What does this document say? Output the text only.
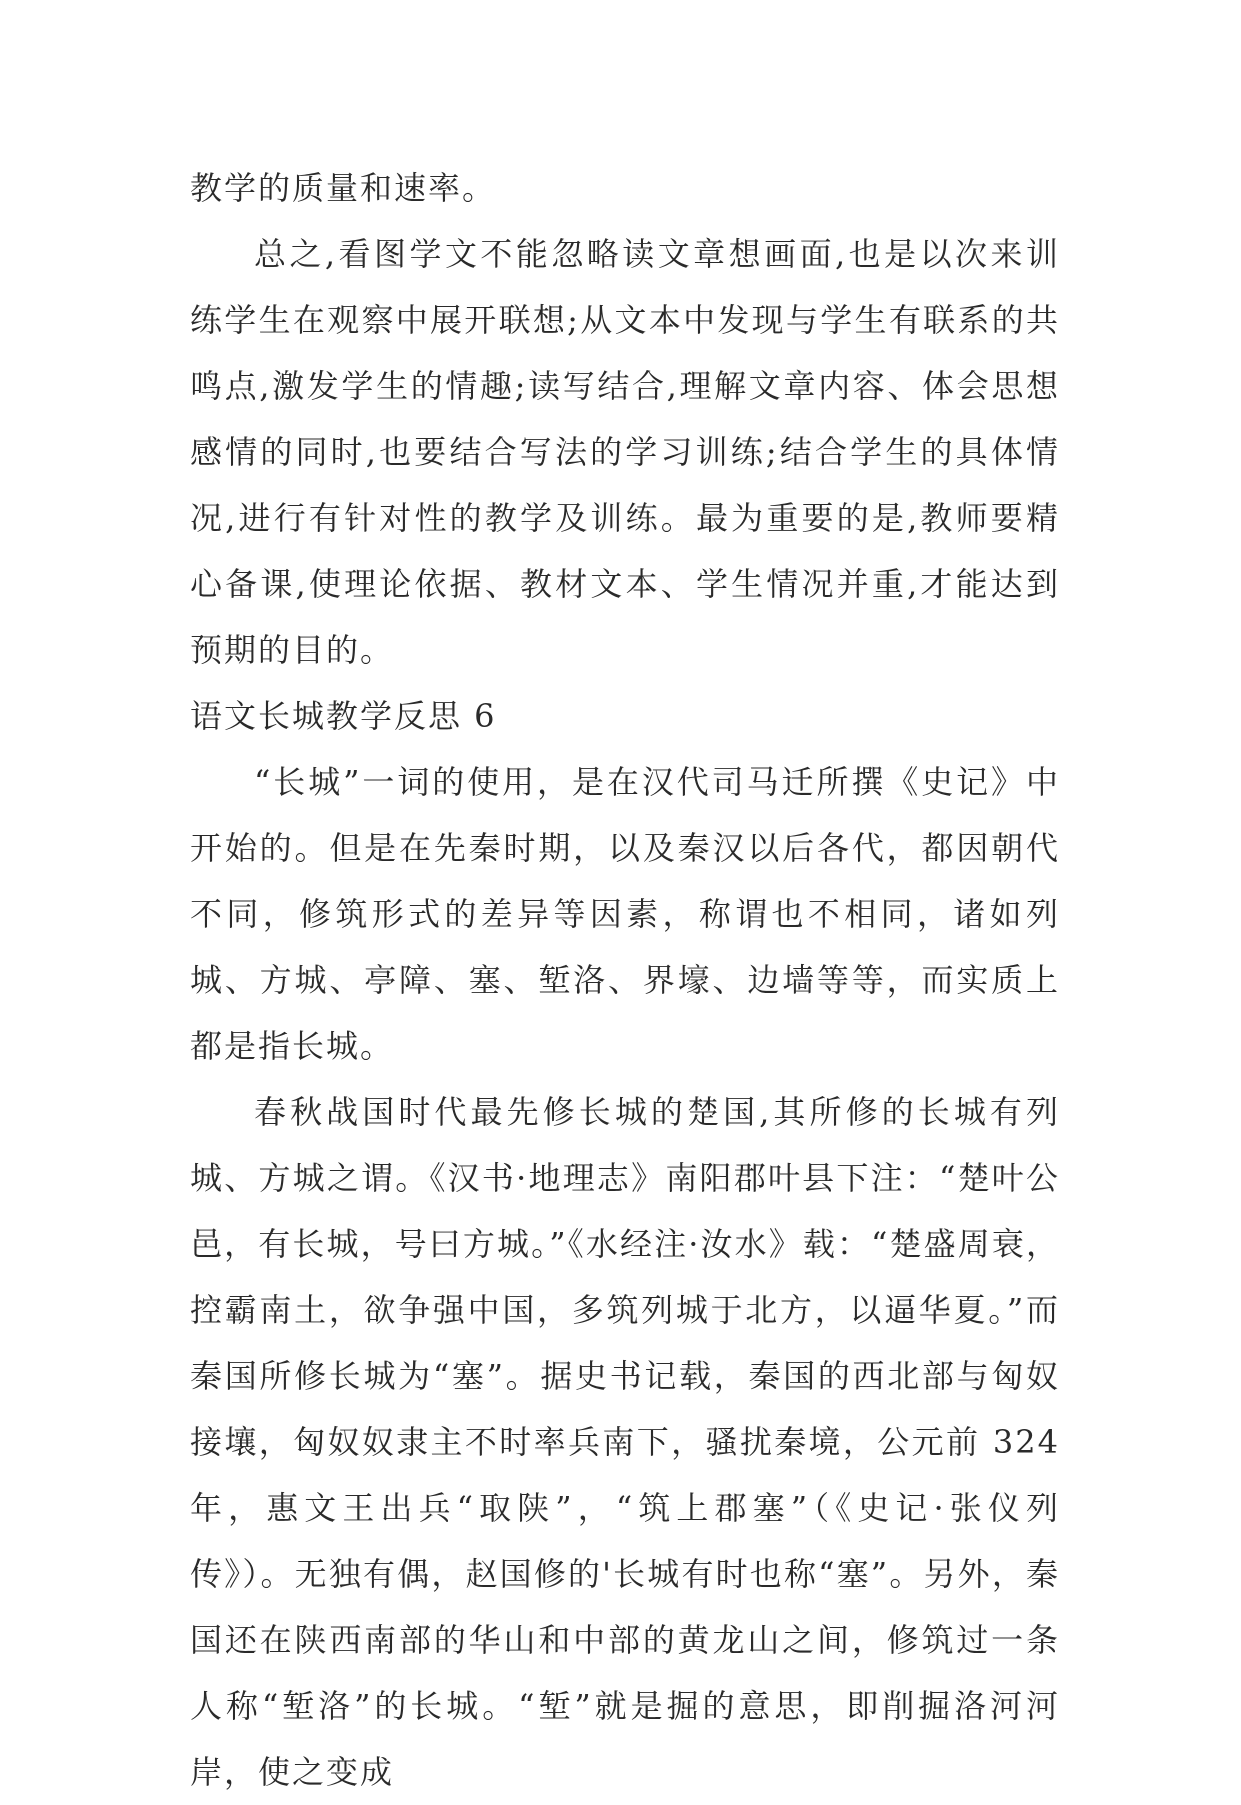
教学的质量和速率。

总之,看图学文不能忽略读文章想画面,也是以次来训练学生在观察中展开联想;从文本中发现与学生有联系的共鸣点,激发学生的情趣;读写结合,理解文章内容、体会思想感情的同时,也要结合写法的学习训练;结合学生的具体情况,进行有针对性的教学及训练。最为重要的是,教师要精心备课,使理论依据、教材文本、学生情况并重,才能达到预期的目的。

语文长城教学反思 6

“长城”一词的使用，是在汉代司马迁所撰《史记》中开始的。但是在先秦时期，以及秦汉以后各代，都因朝代不同，修筑形式的差异等因素，称谓也不相同，诸如列城、方城、亭障、塞、堑洛、界壕、边墙等等，而实质上都是指长城。

春秋战国时代最先修长城的楚国,其所修的长城有列城、方城之谓。《汉书·地理志》南阳郡叶县下注：“楚叶公邑，有长城，号曰方城。”《水经注·汝水》载：“楚盛周衰，控霸南土，欲争强中国，多筑列城于北方，以逼华夏。”而秦国所修长城为“塞”。据史书记载，秦国的西北部与匈奴接壤，匈奴奴隶主不时率兵南下，骚扰秦境，公元前 324 年，惠文王出兵“取陕”，“筑上郡塞”（《史记·张仪列传》）。无独有偶，赵国修的'长城有时也称“塞”。另外，秦国还在陕西南部的华山和中部的黄龙山之间，修筑过一条人称“堑洛”的长城。“堑”就是掘的意思，即削掘洛河河岸，使之变成
